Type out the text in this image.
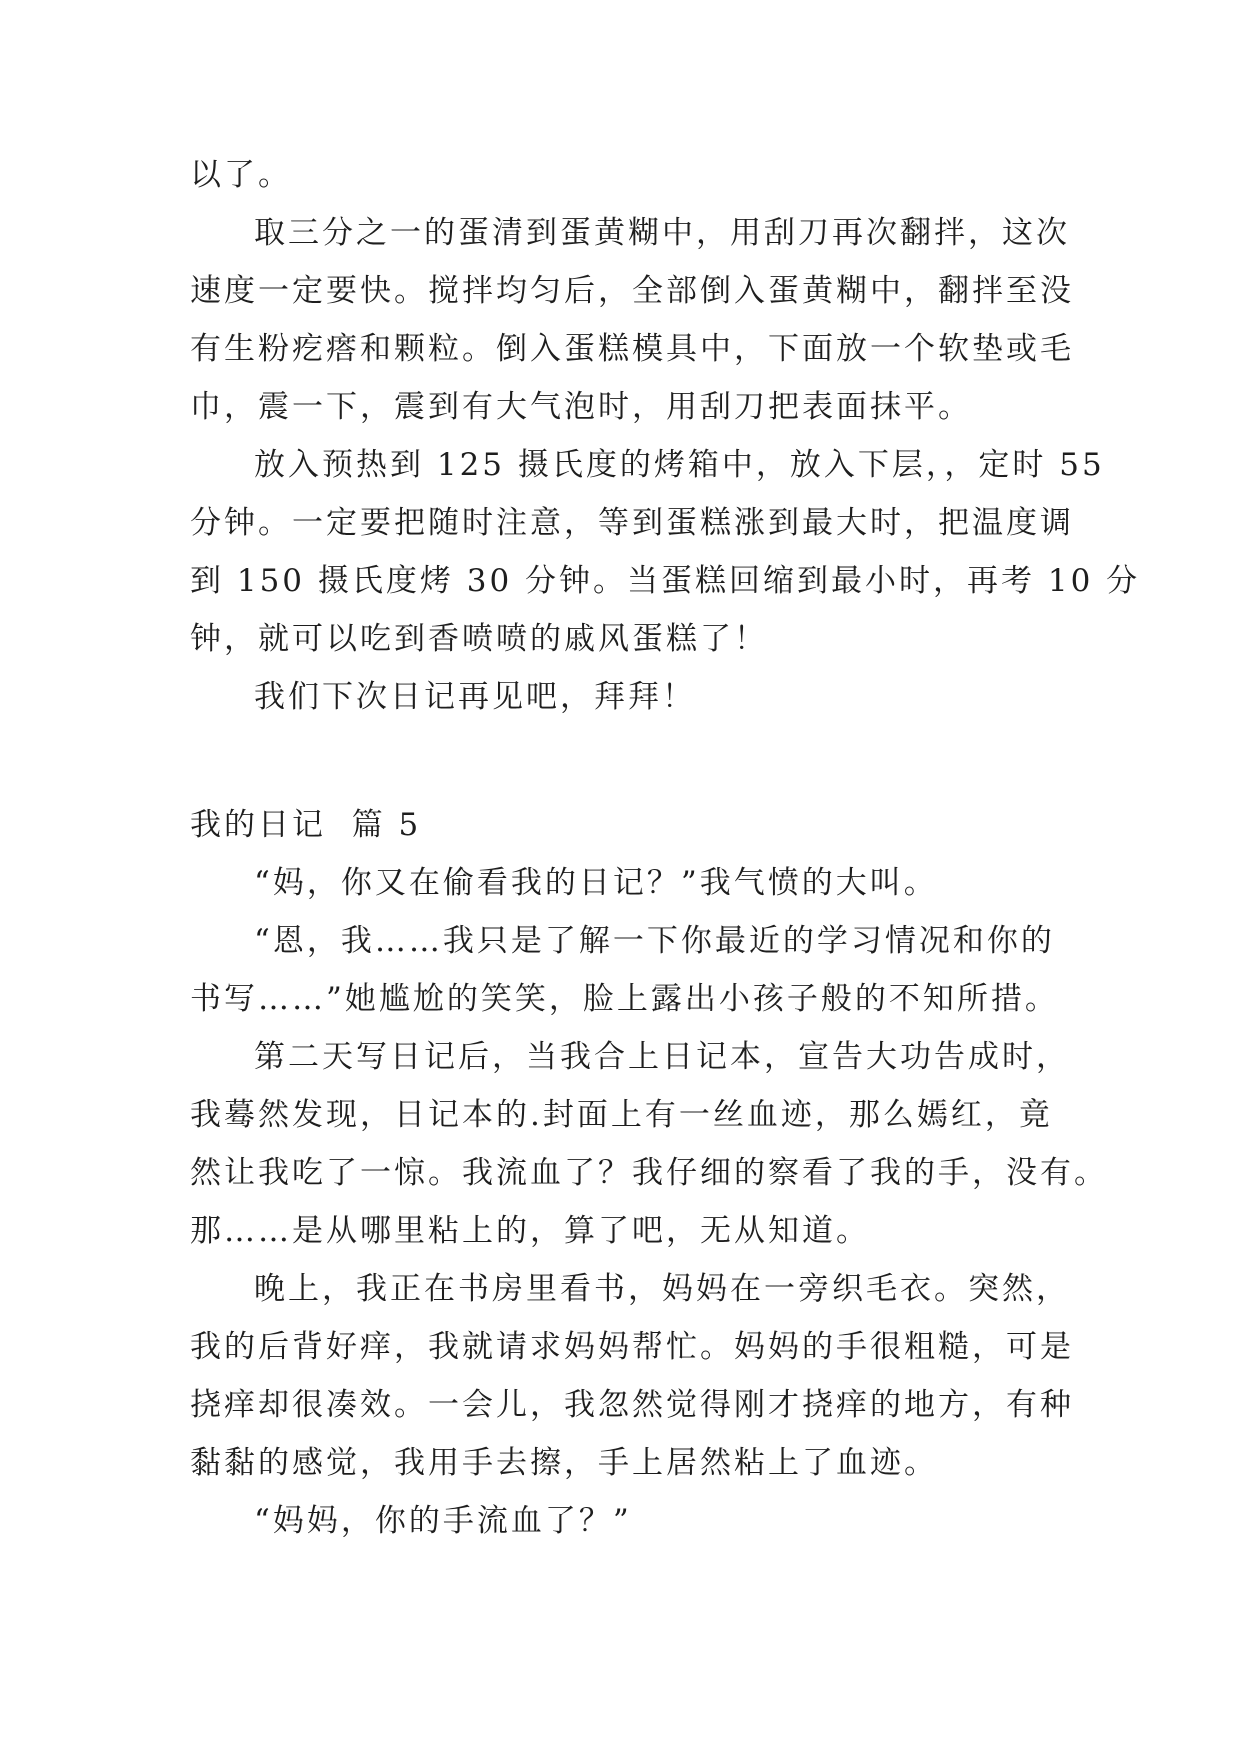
以了。
取三分之一的蛋清到蛋黄糊中，用刮刀再次翻拌，这次
速度一定要快。搅拌均匀后，全部倒入蛋黄糊中，翻拌至没
有生粉疙瘩和颗粒。倒入蛋糕模具中，下面放一个软垫或毛
巾，震一下，震到有大气泡时，用刮刀把表面抹平。
放入预热到 125 摄氏度的烤箱中，放入下层，，定时 55
分钟。一定要把随时注意，等到蛋糕涨到最大时，把温度调
到 150 摄氏度烤 30 分钟。当蛋糕回缩到最小时，再考 10 分
钟，就可以吃到香喷喷的戚风蛋糕了！
我们下次日记再见吧，拜拜！
我的日记  篇 5
“妈，你又在偷看我的日记？”我气愤的大叫。
“恩，我……我只是了解一下你最近的学习情况和你的
书写……”她尴尬的笑笑，脸上露出小孩子般的不知所措。
第二天写日记后，当我合上日记本，宣告大功告成时，
我蓦然发现，日记本的.封面上有一丝血迹，那么嫣红，竟
然让我吃了一惊。我流血了？我仔细的察看了我的手，没有。
那……是从哪里粘上的，算了吧，无从知道。
晚上，我正在书房里看书，妈妈在一旁织毛衣。突然，
我的后背好痒，我就请求妈妈帮忙。妈妈的手很粗糙，可是
挠痒却很凑效。一会儿，我忽然觉得刚才挠痒的地方，有种
黏黏的感觉，我用手去擦，手上居然粘上了血迹。
“妈妈，你的手流血了？”
